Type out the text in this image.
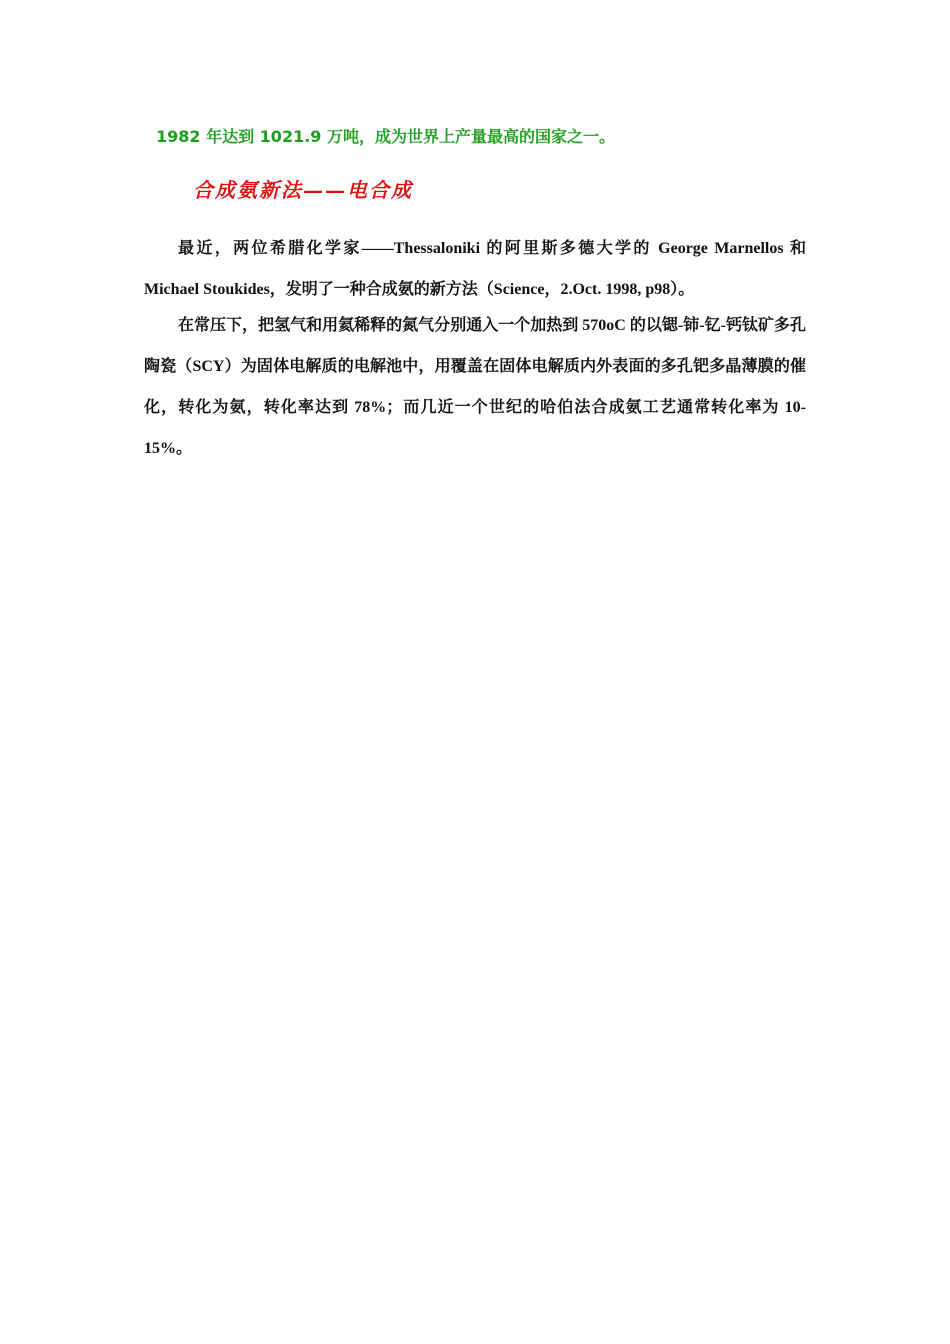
1982 年达到 1021.9 万吨，成为世界上产量最高的国家之一。
合成氨新法——电合成

最近，两位希腊化学家——Thessaloniki 的阿里斯多德大学的 George Marnellos 和 Michael Stoukides，发明了一种合成氨的新方法（Science，2.Oct. 1998, p98）。

在常压下，把氢气和用氦稀释的氮气分别通入一个加热到 570oC 的以锶-铈-钇-钙钛矿多孔陶瓷（SCY）为固体电解质的电解池中，用覆盖在固体电解质内外表面的多孔钯多晶薄膜的催化，转化为氨，转化率达到 78%；而几近一个世纪的哈伯法合成氨工艺通常转化率为 10-15%。
